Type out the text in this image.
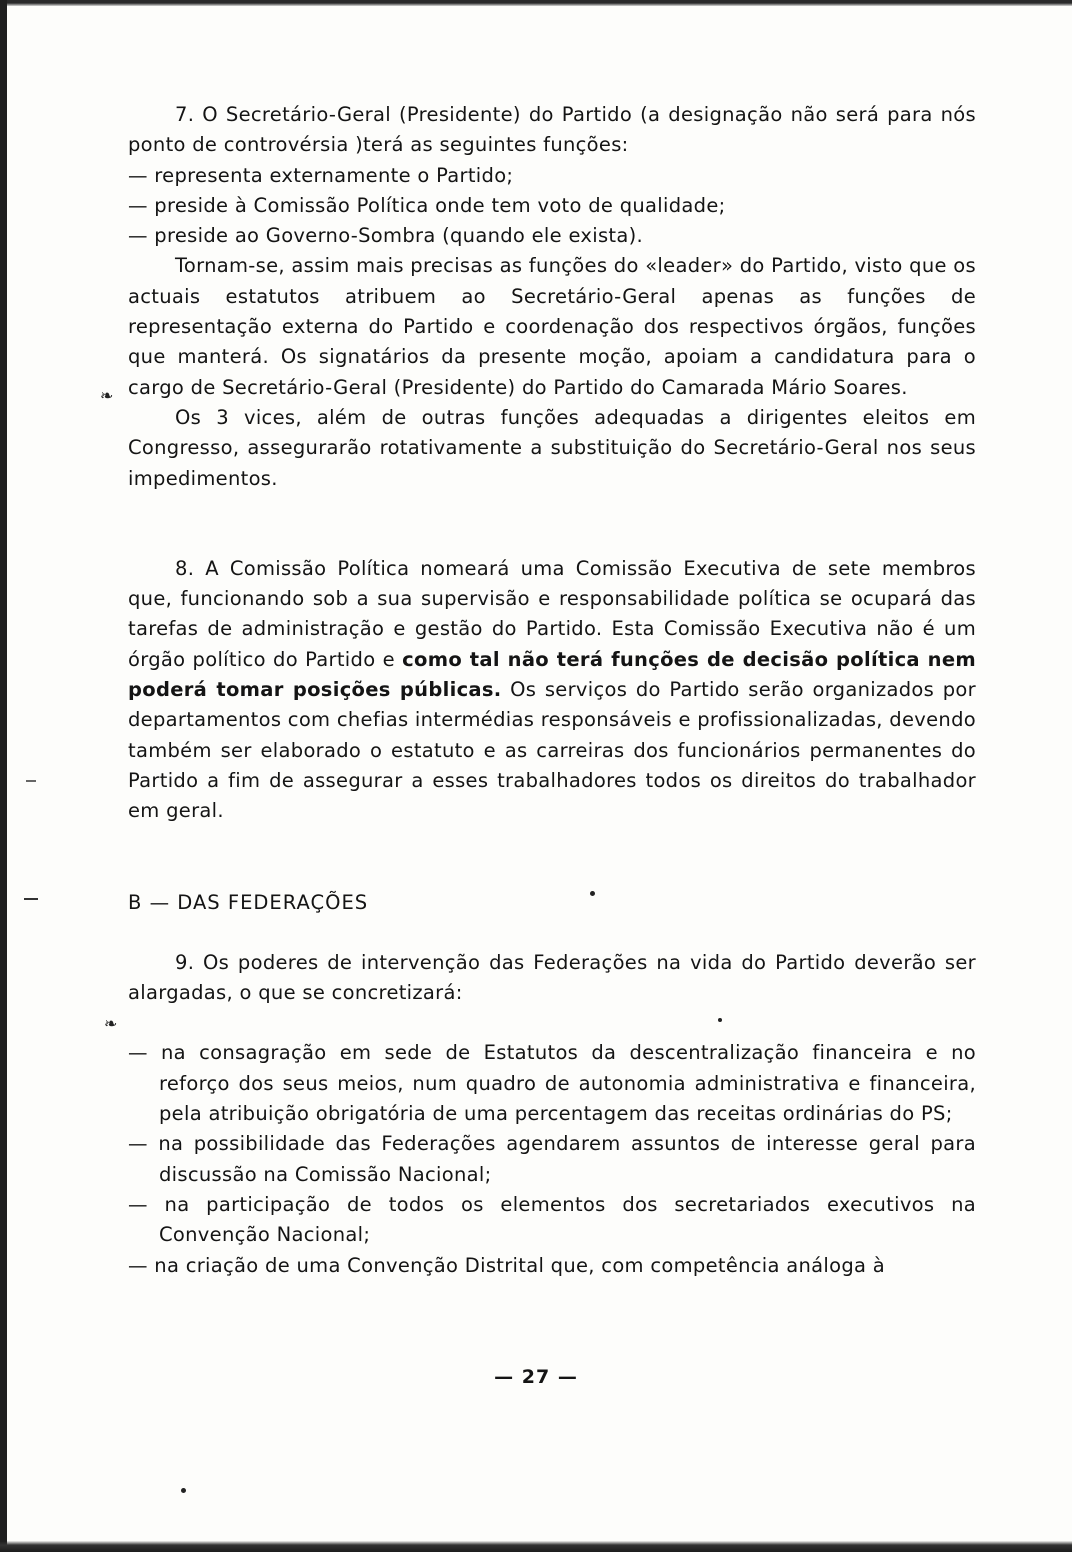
7. O Secretário-Geral (Presidente) do Partido (a designação não será para nós ponto de controvérsia )terá as seguintes funções:

— representa externamente o Partido;

— preside à Comissão Política onde tem voto de qualidade;

— preside ao Governo-Sombra (quando ele exista).

Tornam-se, assim mais precisas as funções do «leader» do Partido, visto que os actuais estatutos atribuem ao Secretário-Geral apenas as funções de representação externa do Partido e coordenação dos respectivos órgãos, funções que manterá. Os signatários da presente moção, apoiam a candidatura para o cargo de Secretário-Geral (Presidente) do Partido do Camarada Mário Soares.

Os 3 vices, além de outras funções adequadas a dirigentes eleitos em Congresso, assegurarão rotativamente a substituição do Secretário-Geral nos seus impedimentos.

8. A Comissão Política nomeará uma Comissão Executiva de sete membros que, funcionando sob a sua supervisão e responsabilidade política se ocupará das tarefas de administração e gestão do Partido. Esta Comissão Executiva não é um órgão político do Partido e como tal não terá funções de decisão política nem poderá tomar posições públicas. Os serviços do Partido serão organizados por departamentos com chefias intermédias responsáveis e profissionalizadas, devendo também ser elaborado o estatuto e as carreiras dos funcionários permanentes do Partido a fim de assegurar a esses trabalhadores todos os direitos do trabalhador em geral.

B — DAS FEDERAÇÕES

9. Os poderes de intervenção das Federações na vida do Partido deverão ser alargadas, o que se concretizará:

— na consagração em sede de Estatutos da descentralização financeira e no reforço dos seus meios, num quadro de autonomia administrativa e financeira, pela atribuição obrigatória de uma percentagem das receitas ordinárias do PS;

— na possibilidade das Federações agendarem assuntos de interesse geral para discussão na Comissão Nacional;

— na participação de todos os elementos dos secretariados executivos na Convenção Nacional;

— na criação de uma Convenção Distrital que, com competência análoga à

— 27 —
❧
❧
